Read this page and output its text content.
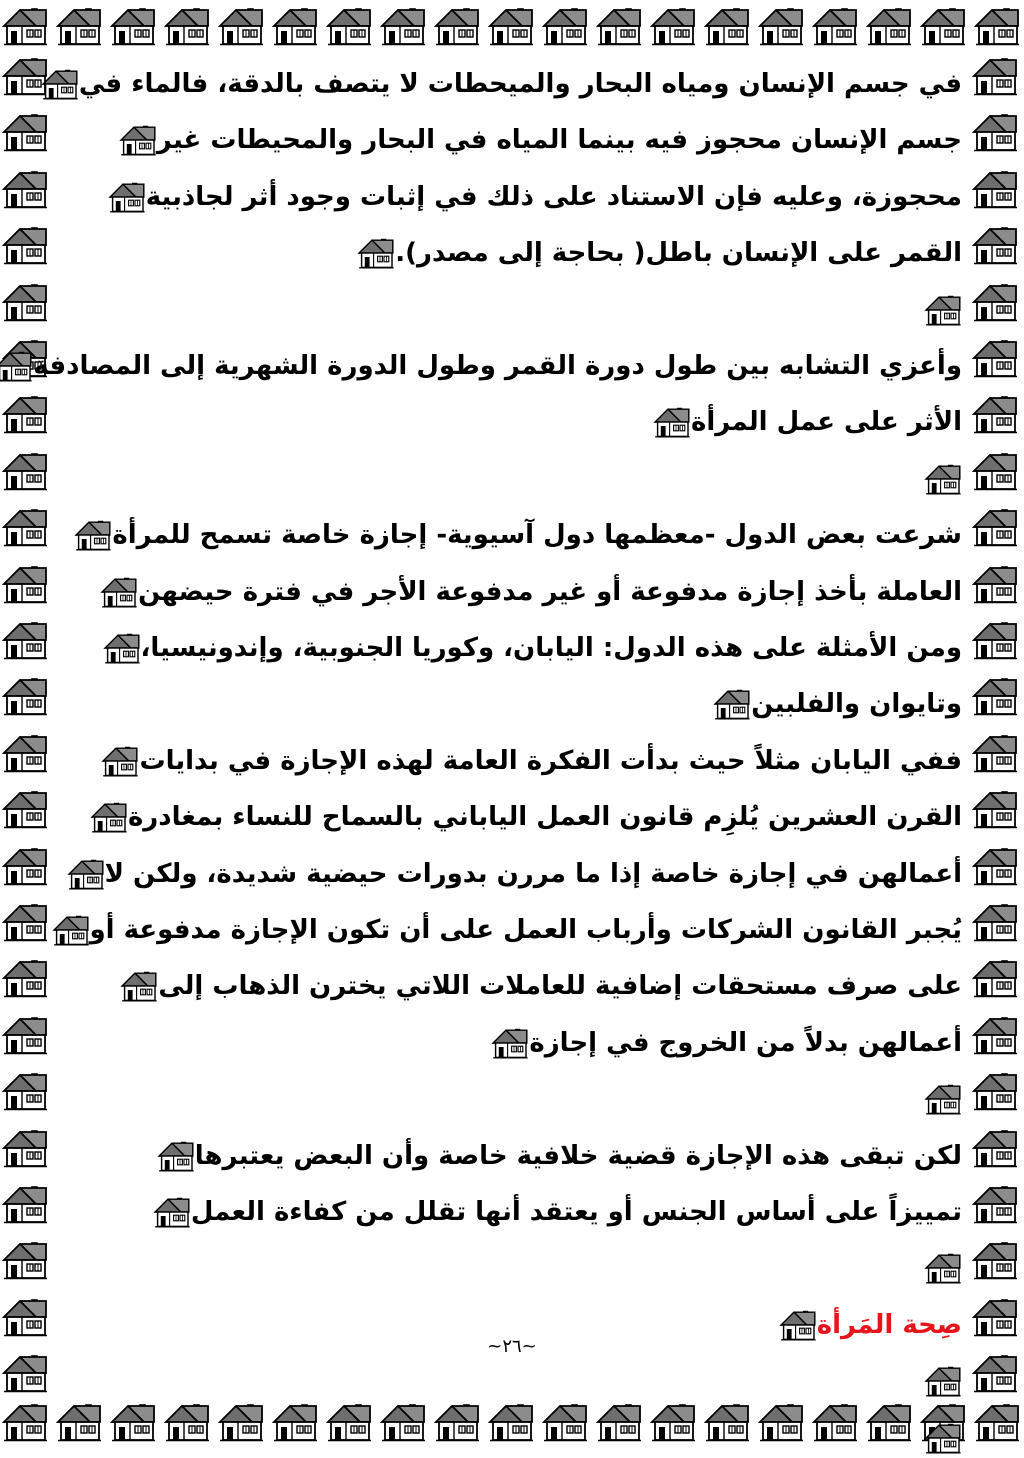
في جسم الإنسان ومياه البحار والميحطات لا يتصف بالدقة، فالماء في
جسم الإنسان محجوز فيه بينما المياه في البحار والمحيطات غير
محجوزة، وعليه فإن الاستناد على ذلك في إثبات وجود أثر لجاذبية
القمر على الإنسان باطل( بحاجة إلى مصدر).
وأعزي التشابه بين طول دورة القمر وطول الدورة الشهرية إلى المصادفة
الأثر على عمل المرأة
شرعت بعض الدول -معظمها دول آسيوية- إجازة خاصة تسمح للمرأة
العاملة بأخذ إجازة مدفوعة أو غير مدفوعة الأجر في فترة حيضهن
ومن الأمثلة على هذه الدول: اليابان، وكوريا الجنوبية، وإندونيسيا،
وتايوان والفلبين
ففي اليابان مثلاً حيث بدأت الفكرة العامة لهذه الإجازة في بدايات
القرن العشرين يُلزِم قانون العمل الياباني بالسماح للنساء بمغادرة
أعمالهن في إجازة خاصة إذا ما مررن بدورات حيضية شديدة، ولكن لا
يُجبر القانون الشركات وأرباب العمل على أن تكون الإجازة مدفوعة أو
على صرف مستحقات إضافية للعاملات اللاتي يخترن الذهاب إلى
أعمالهن بدلاً من الخروج في إجازة
لكن تبقى هذه الإجازة قضية خلافية خاصة وأن البعض يعتبرها
تمييزاً على أساس الجنس أو يعتقد أنها تقلل من كفاءة العمل
صِحة المَرأة
~٢٦~
